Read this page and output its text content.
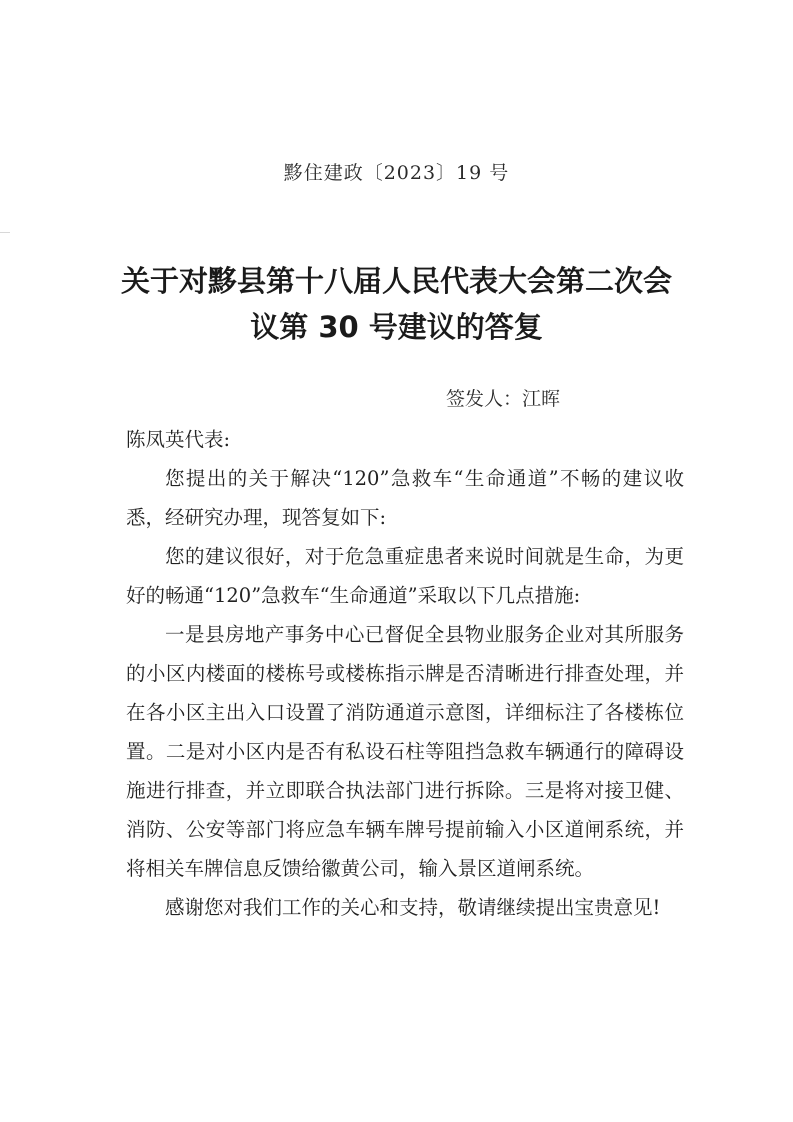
黟住建政〔2023〕19 号
关于对黟县第十八届人民代表大会第二次会
议第 30 号建议的答复
签发人：江晖

陈凤英代表:

您提出的关于解决“120”急救车“生命通道”不畅的建议收悉，经研究办理，现答复如下:

您的建议很好，对于危急重症患者来说时间就是生命，为更好的畅通“120”急救车“生命通道”采取以下几点措施:

一是县房地产事务中心已督促全县物业服务企业对其所服务的小区内楼面的楼栋号或楼栋指示牌是否清晰进行排查处理，并在各小区主出入口设置了消防通道示意图，详细标注了各楼栋位置。二是对小区内是否有私设石柱等阻挡急救车辆通行的障碍设施进行排查，并立即联合执法部门进行拆除。三是将对接卫健、消防、公安等部门将应急车辆车牌号提前输入小区道闸系统，并将相关车牌信息反馈给徽黄公司，输入景区道闸系统。

感谢您对我们工作的关心和支持，敬请继续提出宝贵意见!
